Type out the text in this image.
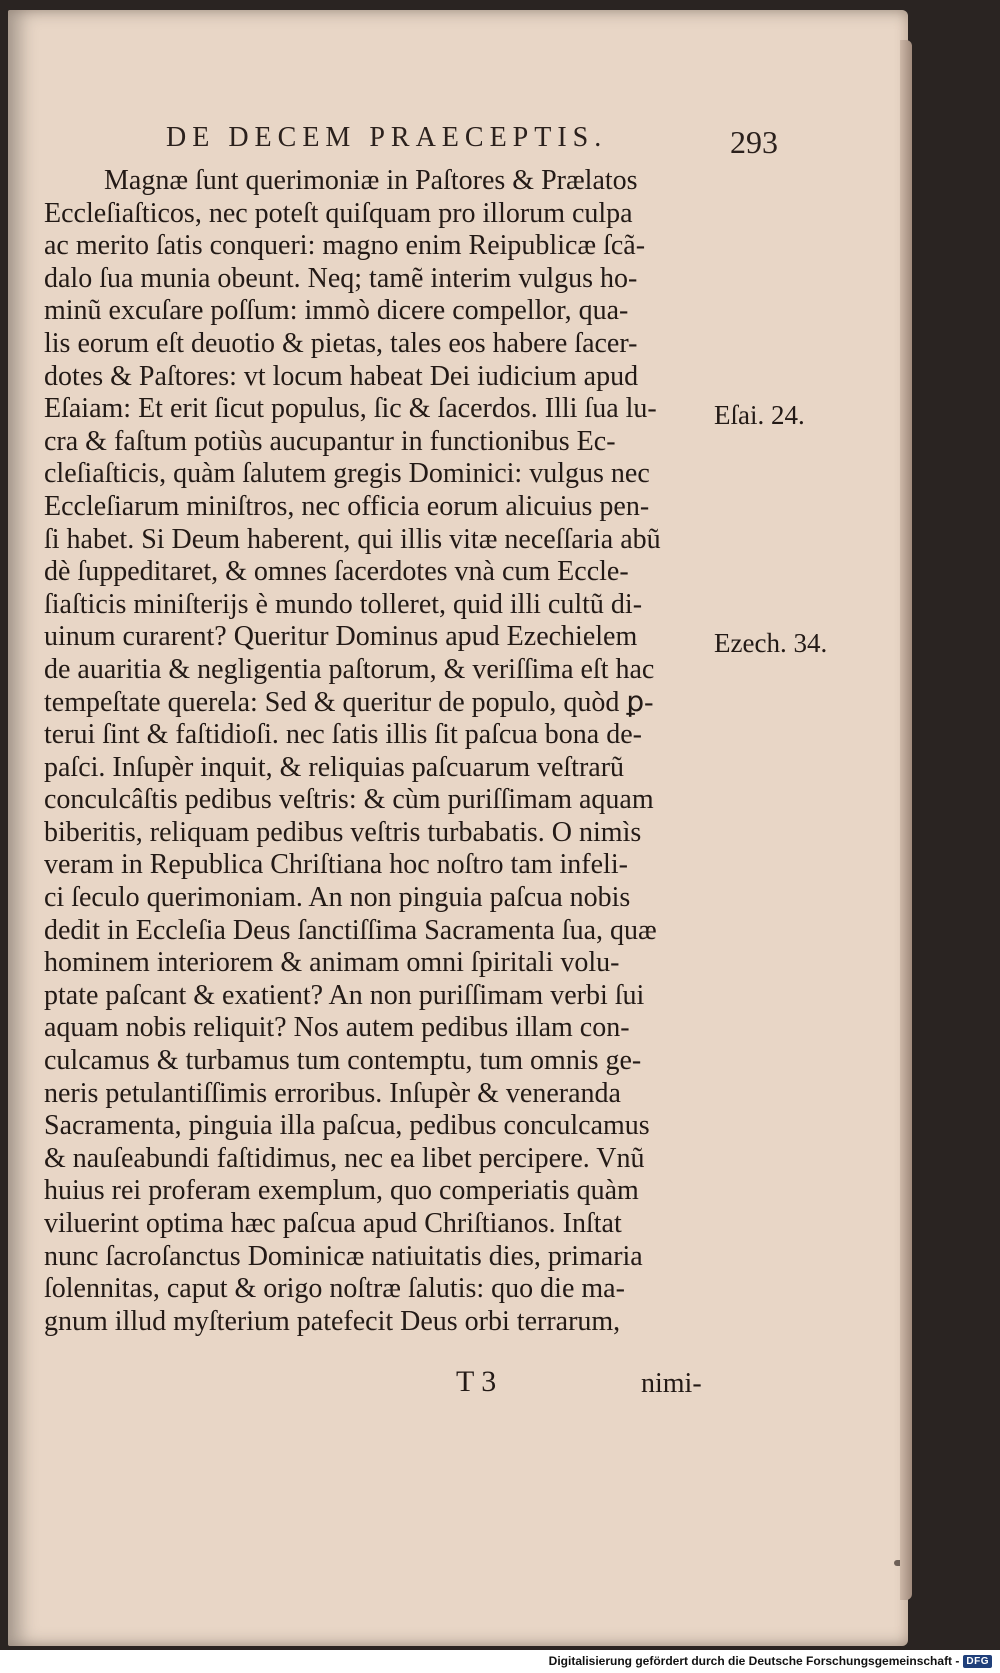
DE DECEM PRAECEPTIS.	293
Magnæ ſunt querimoniæ in Paſtores & Prælatos
Eccleſiaſticos, nec poteſt quiſquam pro illorum culpa
ac merito ſatis conqueri: magno enim Reipublicæ ſcã-
dalo ſua munia obeunt. Neq; tamẽ interim vulgus ho-
minũ excuſare poſſum: immò dicere compellor, qua-
lis eorum eſt deuotio & pietas, tales eos habere ſacer-
dotes & Paſtores: vt locum habeat Dei iudicium apud
Eſaiam: Et erit ſicut populus, ſic & ſacerdos. Illi ſua lu-
cra & faſtum potiùs aucupantur in functionibus Ec-
cleſiaſticis, quàm ſalutem gregis Dominici: vulgus nec
Eccleſiarum miniſtros, nec officia eorum alicuius pen-
ſi habet. Si Deum haberent, qui illis vitæ neceſſaria abũ
dè ſuppeditaret, & omnes ſacerdotes vnà cum Eccle-
ſiaſticis miniſterijs è mundo tolleret, quid illi cultũ di-
uinum curarent? Queritur Dominus apud Ezechielem
de auaritia & negligentia paſtorum, & veriſſima eſt hac
tempeſtate querela: Sed & queritur de populo, quòd ꝑ-
terui ſint & faſtidioſi. nec ſatis illis ſit paſcua bona de-
paſci. Inſupèr inquit, & reliquias paſcuarum veſtrarũ
conculcâſtis pedibus veſtris: & cùm puriſſimam aquam
biberitis, reliquam pedibus veſtris turbabatis. O nimìs
veram in Republica Chriſtiana hoc noſtro tam infeli-
ci ſeculo querimoniam. An non pinguia paſcua nobis
dedit in Eccleſia Deus ſanctiſſima Sacramenta ſua, quæ
hominem interiorem & animam omni ſpiritali volu-
ptate paſcant & exatient? An non puriſſimam verbi ſui
aquam nobis reliquit? Nos autem pedibus illam con-
culcamus & turbamus tum contemptu, tum omnis ge-
neris petulantiſſimis erroribus. Inſupèr & veneranda
Sacramenta, pinguia illa paſcua, pedibus conculcamus
& nauſeabundi faſtidimus, nec ea libet percipere. Vnũ
huius rei proferam exemplum, quo comperiatis quàm
viluerint optima hæc paſcua apud Chriſtianos. Inſtat
nunc ſacroſanctus Dominicæ natiuitatis dies, primaria
ſolennitas, caput & origo noſtræ ſalutis: quo die ma-
gnum illud myſterium patefecit Deus orbi terrarum,
Eſai. 24.
Ezech. 34.
T 3	nimi-
Digitalisierung gefördert durch die Deutsche Forschungsgemeinschaft - DFG
